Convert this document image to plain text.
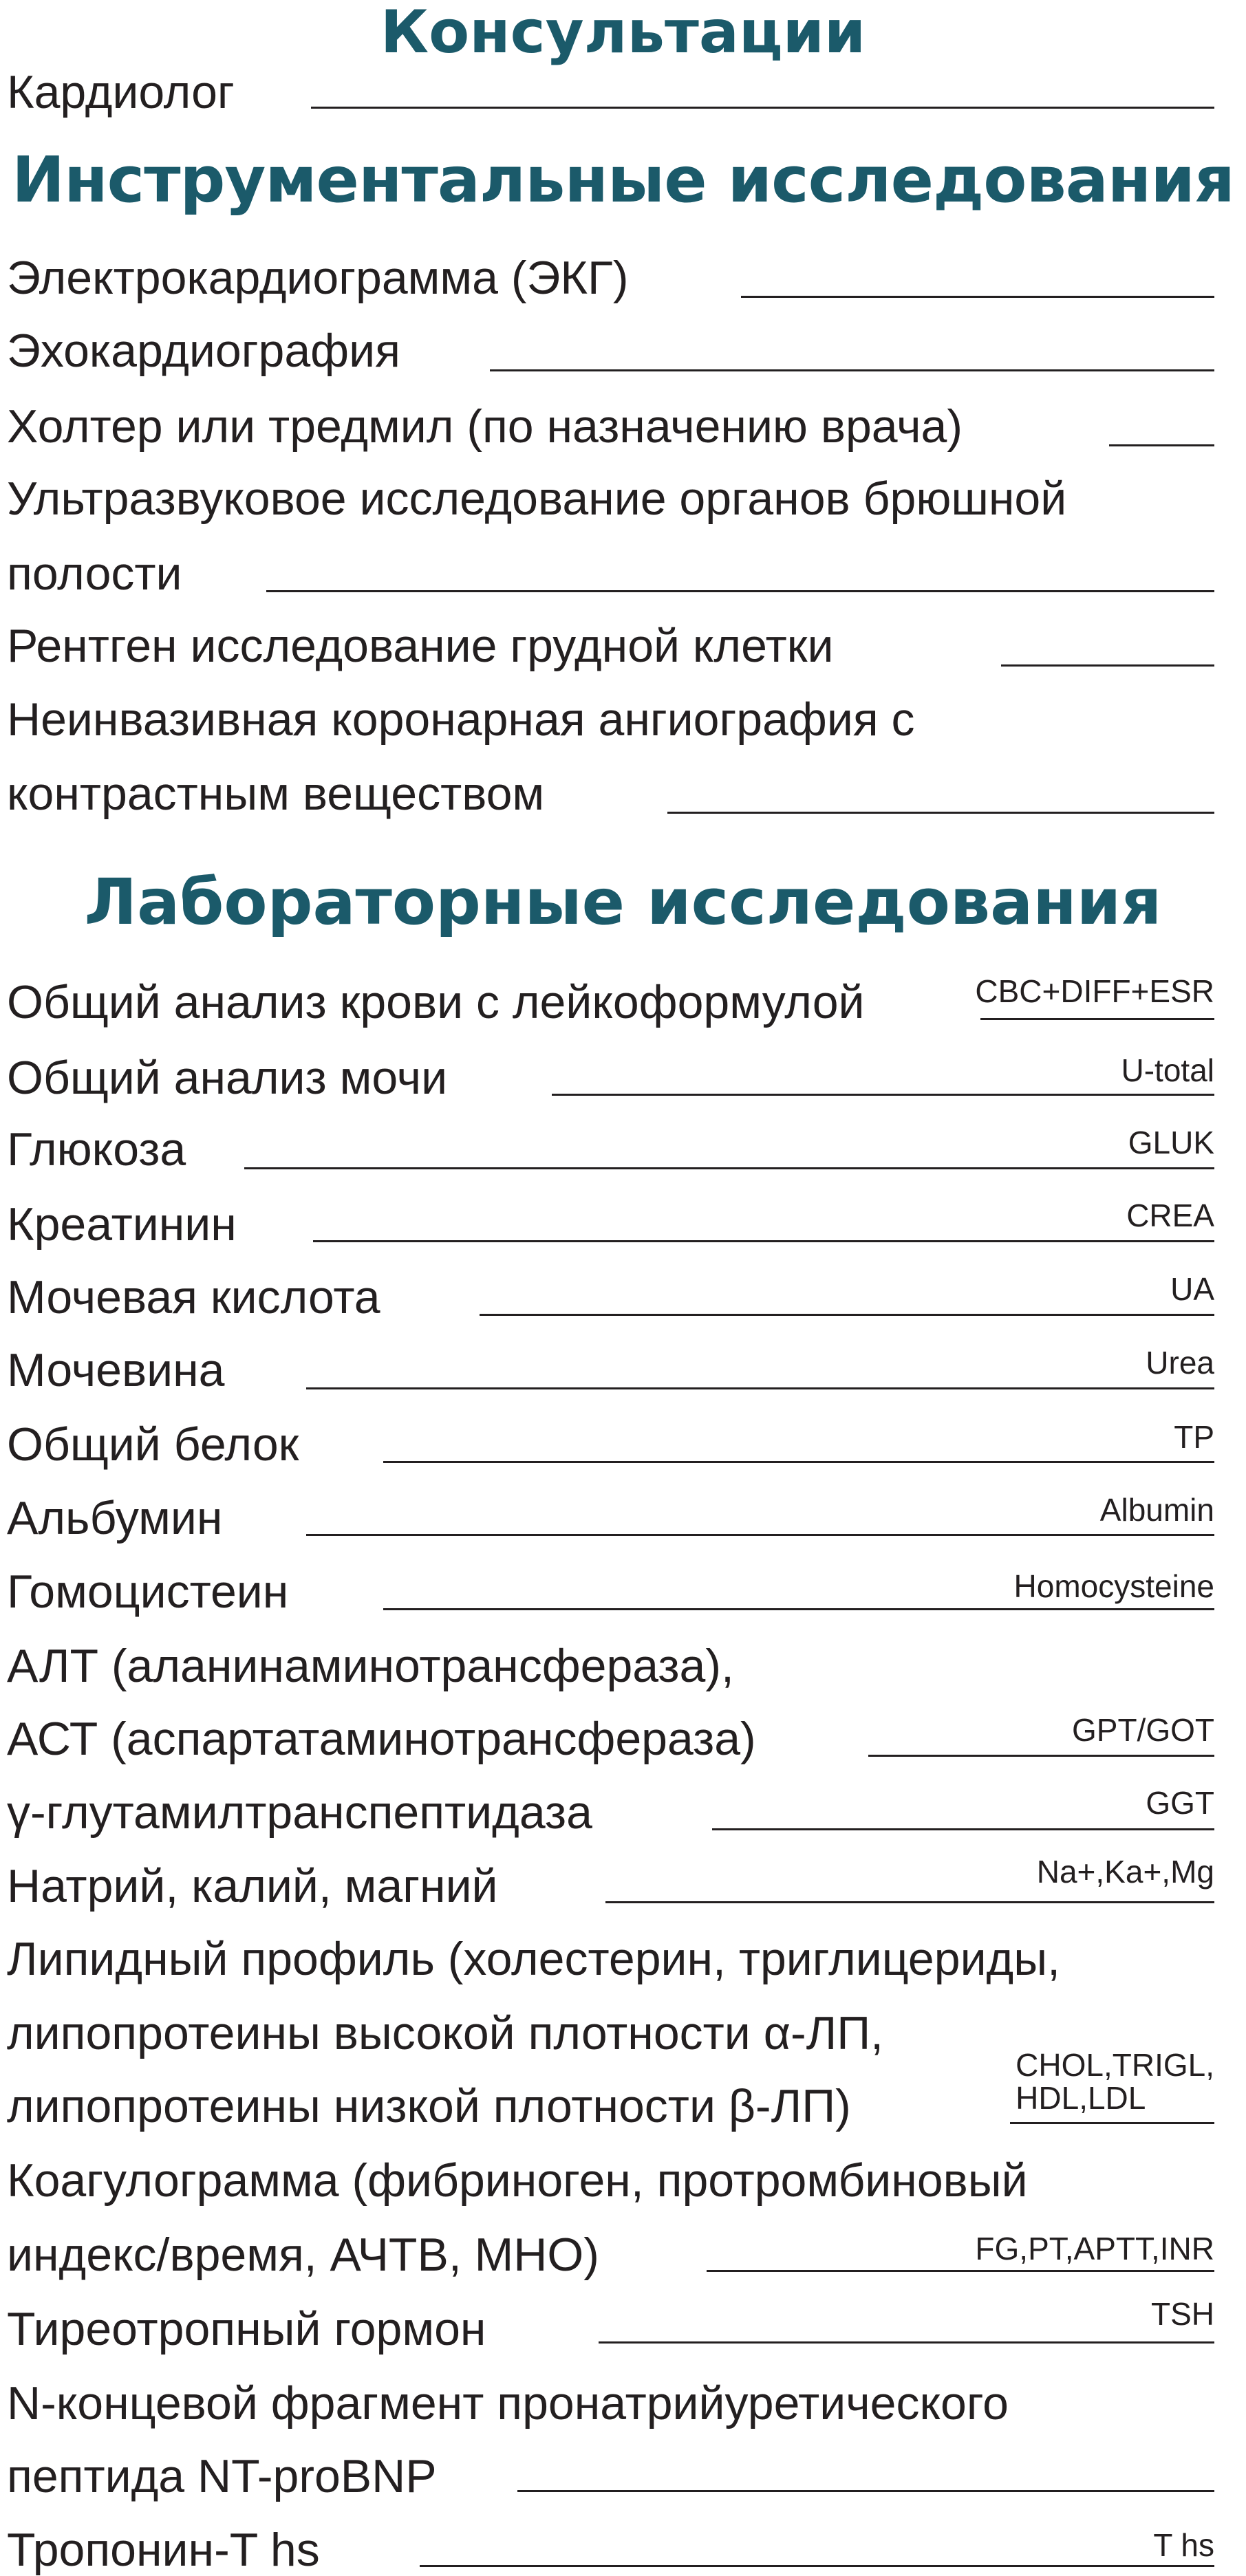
Консультации
Кардиолог
Инструментальные исследования
Электрокардиограмма (ЭКГ)
Эхокардиография
Холтер или тредмил (по назначению врача)
Ультразвуковое исследование органов брюшной
полости
Рентген исследование грудной клетки
Неинвазивная коронарная ангиография с
контрастным веществом
Лабораторные исследования
Общий анализ крови с лейкоформулой	CBC+DIFF+ESR
Общий анализ мочи	U-total
Глюкоза	GLUK
Креатинин	CREA
Мочевая кислота	UA
Мочевина	Urea
Общий белок	TP
Альбумин	Albumin
Гомоцистеин	Homocysteine
АЛТ (аланинаминотрансфераза),
АСТ (аспартатаминотрансфераза)	GPT/GOT
γ-глутамилтранспептидаза	GGT
Натрий, калий, магний	Na+,Ka+,Mg
Липидный профиль (холестерин, триглицериды,
липопротеины высокой плотности α-ЛП,
липопротеины низкой плотности β-ЛП)
CHOL,TRIGL,
HDL,LDL
Коагулограмма (фибриноген, протромбиновый
индекс/время, АЧТВ, МНО)	FG,PT,APTT,INR
Тиреотропный гормон	TSH
N-концевой фрагмент пронатрийуретического
пептида NT-proBNP
Тропонин-T hs	T hs
